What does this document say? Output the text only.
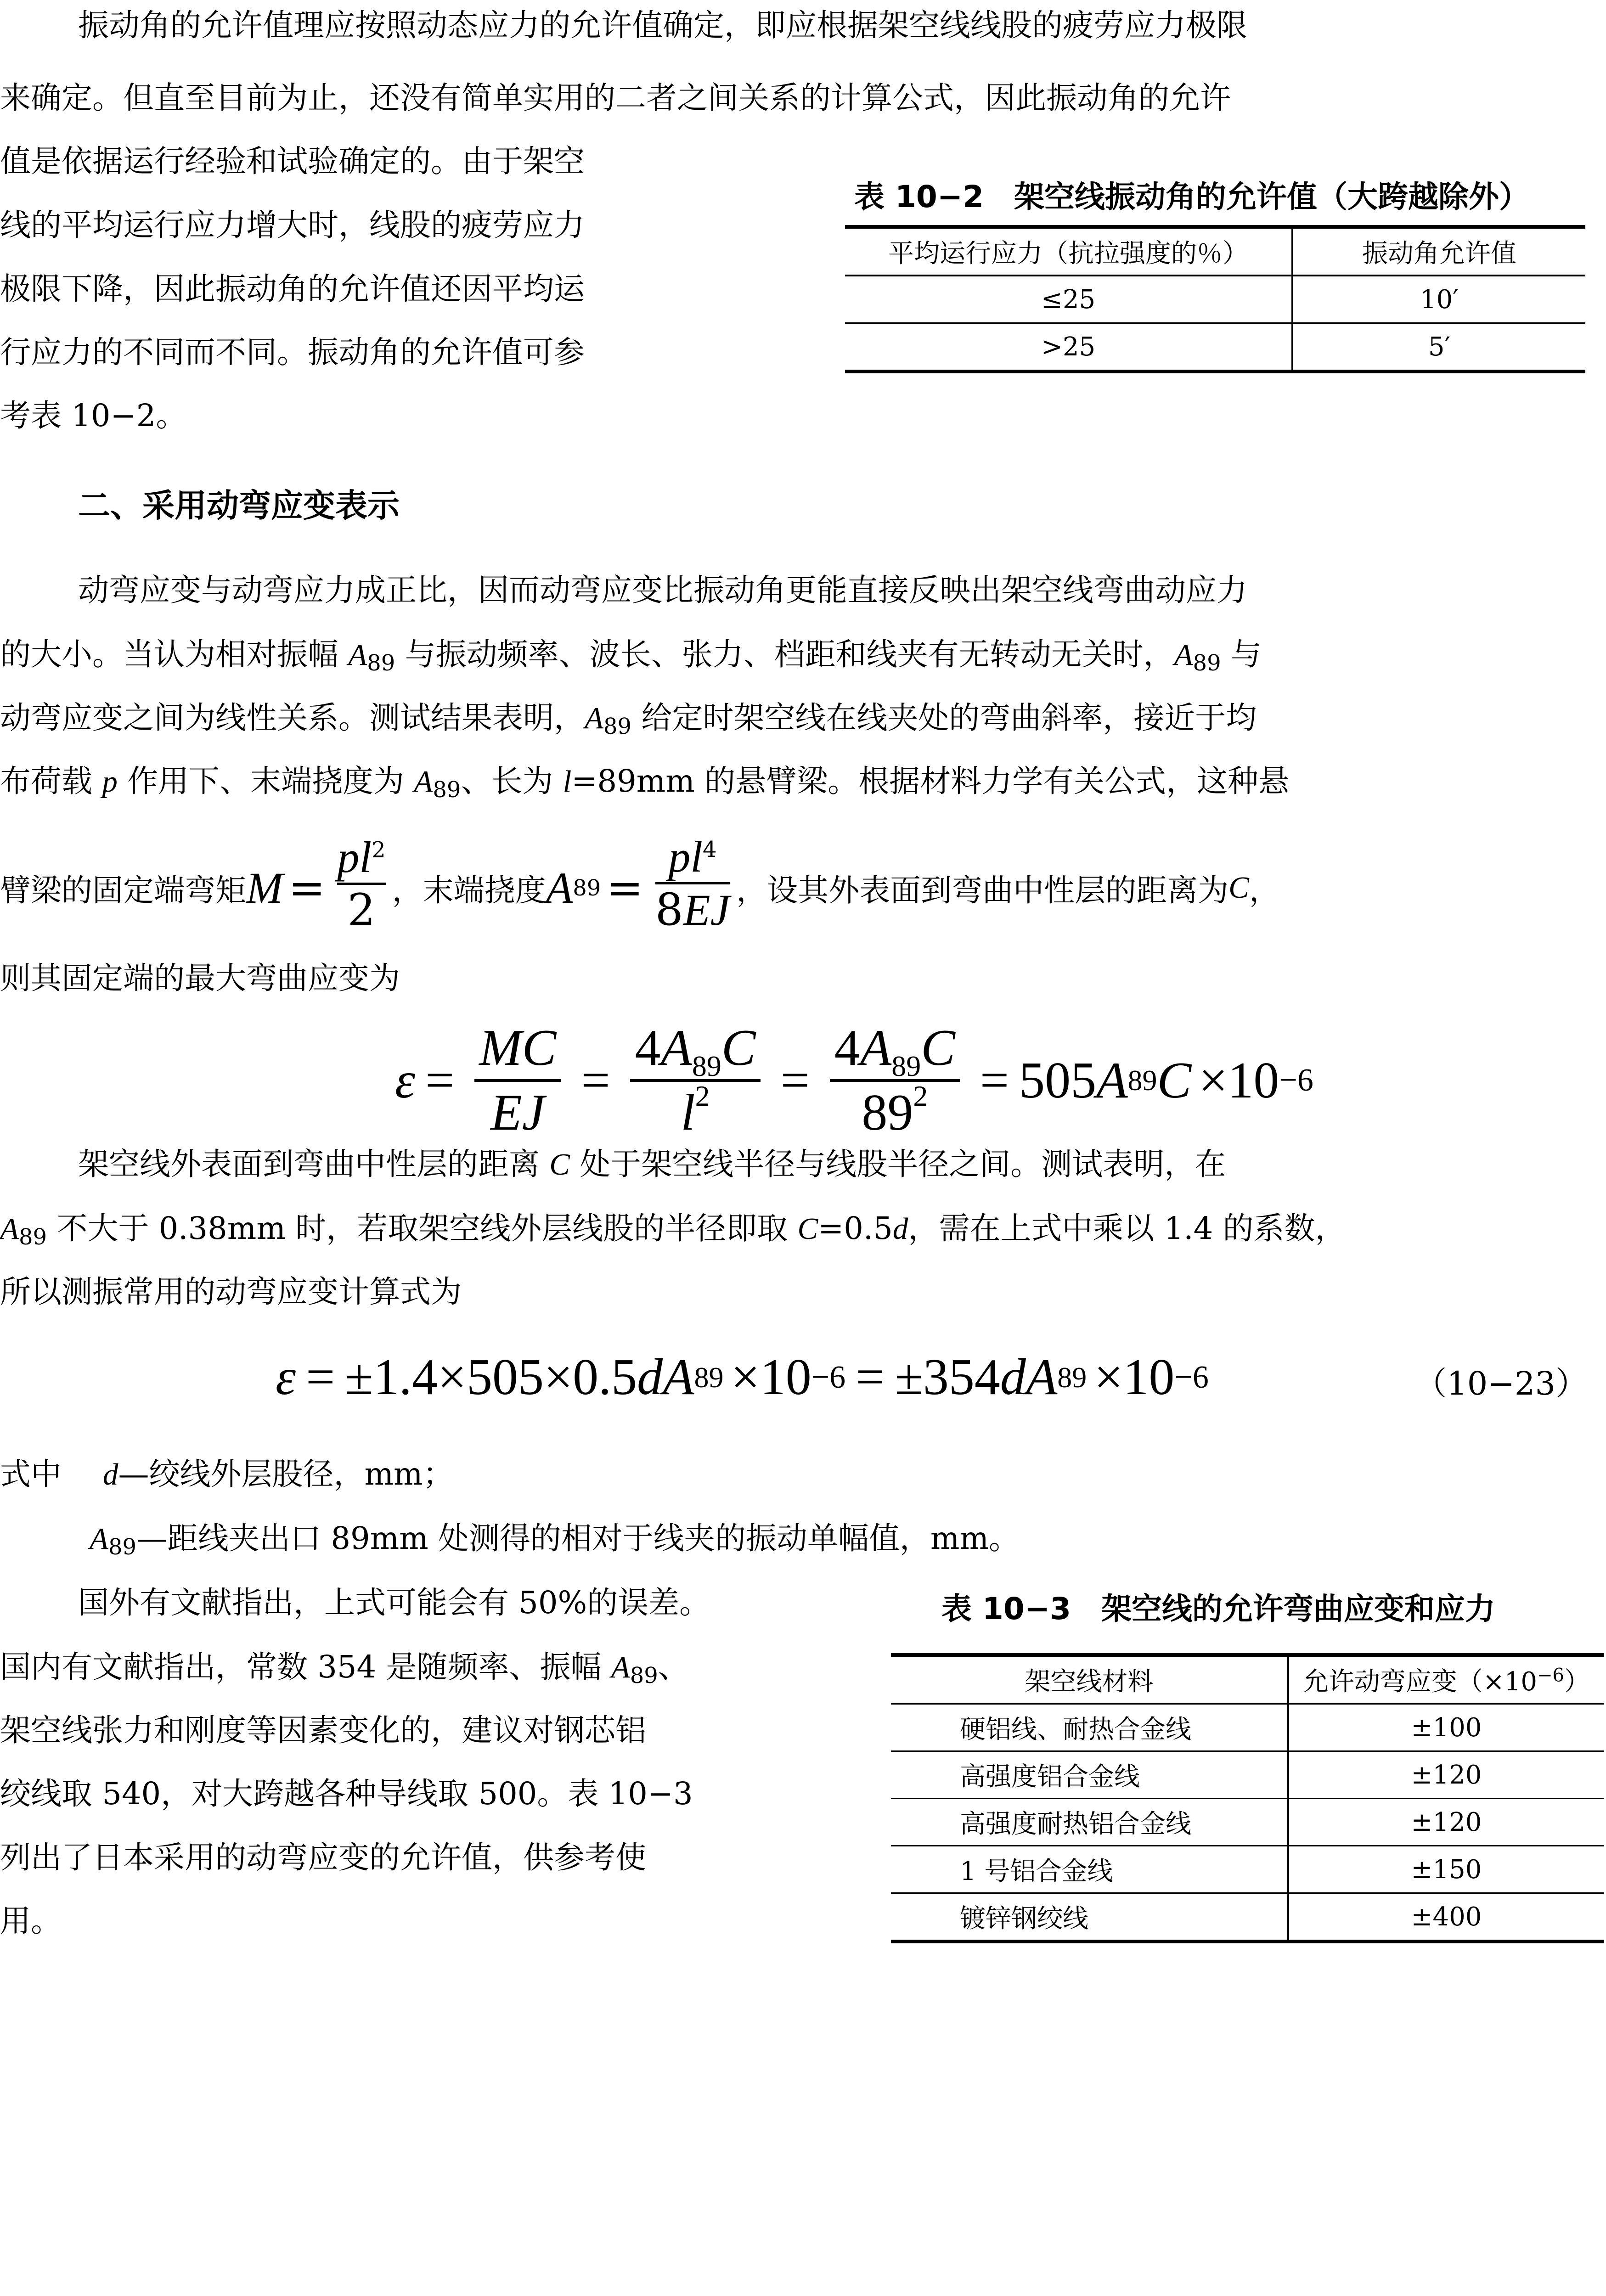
振动角的允许值理应按照动态应力的允许值确定，即应根据架空线线股的疲劳应力极限
来确定。但直至目前为止，还没有简单实用的二者之间关系的计算公式，因此振动角的允许
值是依据运行经验和试验确定的。由于架空
线的平均运行应力增大时，线股的疲劳应力
极限下降，因此振动角的允许值还因平均运
行应力的不同而不同。振动角的允许值可参
考表 10−2。
表 10−2　架空线振动角的允许值（大跨越除外）
平均运行应力（抗拉强度的％）	振动角允许值
≤25	10′
>25	5′
二、采用动弯应变表示
动弯应变与动弯应力成正比，因而动弯应变比振动角更能直接反映出架空线弯曲动应力
的大小。当认为相对振幅 $A_{89}$ 与振动频率、波长、张力、档距和线夹有无转动无关时，$A_{89}$ 与
动弯应变之间为线性关系。测试结果表明，$A_{89}$ 给定时架空线在线夹处的弯曲斜率，接近于均
布荷载 p 作用下、末端挠度为 $A_{89}$、长为 l=89mm 的悬臂梁。根据材料力学有关公式，这种悬
臂梁的固定端弯矩 M =
$pl^2$
2 ，末端挠度 A 89 =
$pl^4$
8EJ ，设其外表面到弯曲中性层的距离为 C ，
则其固定端的最大弯曲应变为
ε =
MC
EJ
=
$4A_{89}C$
$l^2$ =
$4A_{89}C$
$89^2 = 505$ A 89 C ×10 −6
架空线外表面到弯曲中性层的距离 C 处于架空线半径与线股半径之间。测试表明，在
$A_{89}$ 不大于 0.38mm 时，若取架空线外层线股的半径即取 C=0.5d，需在上式中乘以 1.4 的系数，
所以测振常用的动弯应变计算式为
ε = ±1.4×505×0.5 d A 89 × 10 −6 = ±354 d A 89 × 10 −6	（10−23）
式中 d—绞线外层股径，mm；
$A_{89}—$距线夹出口 89mm 处测得的相对于线夹的振动单幅值，mm。
国外有文献指出，上式可能会有 50%的误差。
国内有文献指出，常数 354 是随频率、振幅 $A_{89}$、
架空线张力和刚度等因素变化的，建议对钢芯铝
绞线取 540，对大跨越各种导线取 500。表 10−3
列出了日本采用的动弯应变的允许值，供参考使
用。
表 10−3　架空线的允许弯曲应变和应力
架空线材料	允许动弯应变$(\times 10^{-6})$
硬铝线、耐热合金线	±100
高强度铝合金线	±120
高强度耐热铝合金线	±120
1 号铝合金线	±150
镀锌钢绞线	±400
